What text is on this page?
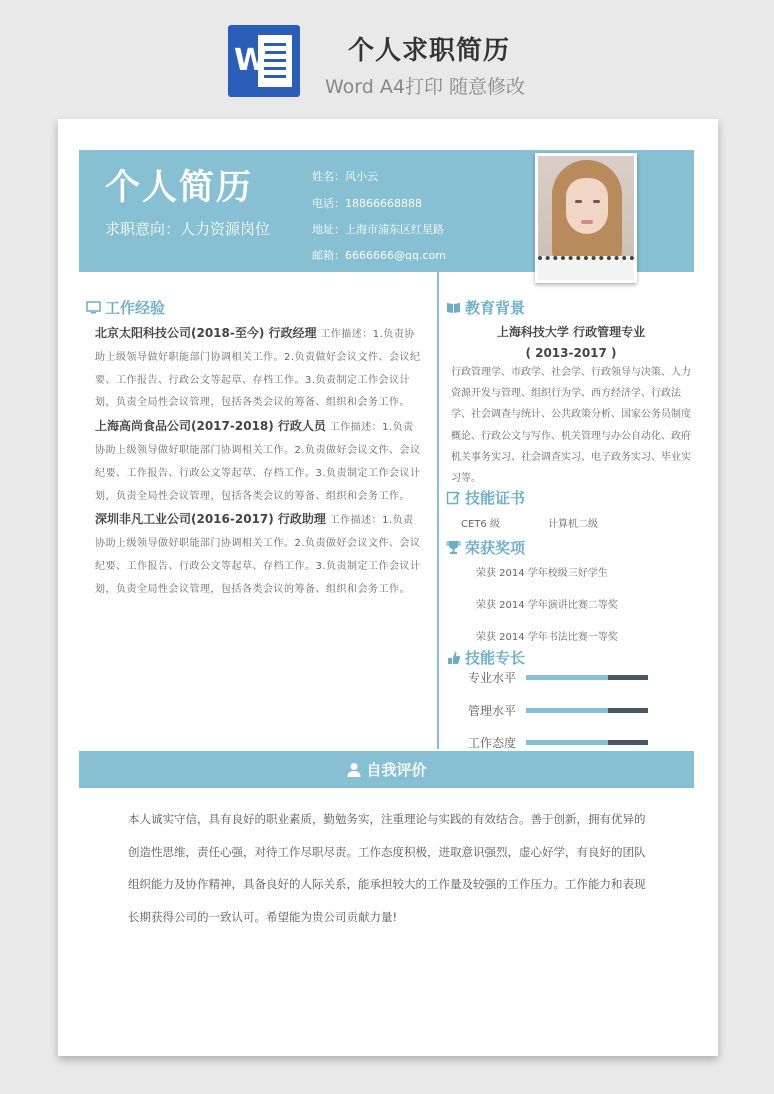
W	个人求职简历
Word A4打印 随意修改
个人简历
求职意向：人力资源岗位
姓名：风小云
电话：18866668888
地址：上海市浦东区红星路
邮箱：6666666@qq.com
工作经验
北京太阳科技公司(2018-至今) 行政经理 工作描述：1.负责协助上级领导做好职能部门协调相关工作。2.负责做好会议文件、会议纪要、工作报告、行政公文等起草、存档工作。3.负责制定工作会议计划，负责全局性会议管理，包括各类会议的筹备、组织和会务工作。
上海高尚食品公司(2017-2018) 行政人员 工作描述：1.负责协助上级领导做好职能部门协调相关工作。2.负责做好会议文件、会议纪要、工作报告、行政公文等起草、存档工作。3.负责制定工作会议计划，负责全局性会议管理，包括各类会议的筹备、组织和会务工作。
深圳非凡工业公司(2016-2017) 行政助理 工作描述：1.负责协助上级领导做好职能部门协调相关工作。2.负责做好会议文件、会议纪要、工作报告、行政公文等起草、存档工作。3.负责制定工作会议计划，负责全局性会议管理，包括各类会议的筹备、组织和会务工作。
教育背景
上海科技大学 行政管理专业
( 2013-2017 )
行政管理学、市政学、社会学、行政领导与决策、人力资源开发与管理、组织行为学、西方经济学、行政法学、社会调查与统计、公共政策分析、国家公务员制度概论、行政公文与写作、机关管理与办公自动化、政府机关事务实习、社会调查实习、电子政务实习、毕业实习等。
技能证书
CET6 级	计算机二级
荣获奖项
荣获 2014 学年校级三好学生
荣获 2014 学年演讲比赛二等奖
荣获 2014 学年书法比赛一等奖
技能专长
专业水平
管理水平
工作态度
自我评价
本人诚实守信，具有良好的职业素质，勤勉务实，注重理论与实践的有效结合。善于创新，拥有优异的创造性思维，责任心强，对待工作尽职尽责。工作态度积极，进取意识强烈，虚心好学，有良好的团队组织能力及协作精神，具备良好的人际关系，能承担较大的工作量及较强的工作压力。工作能力和表现长期获得公司的一致认可。希望能为贵公司贡献力量!
